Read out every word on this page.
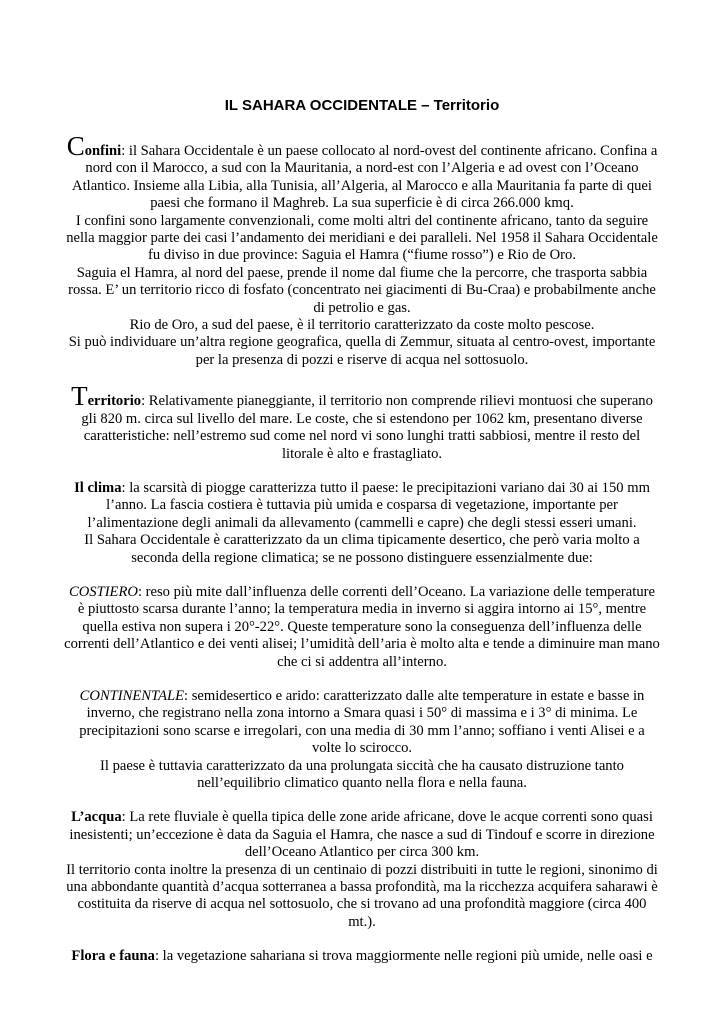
IL SAHARA OCCIDENTALE – Territorio

Confini: il Sahara Occidentale è un paese collocato al nord-ovest del continente africano. Confina a nord con il Marocco, a sud con la Mauritania, a nord-est con l’Algeria e ad ovest con l’Oceano Atlantico. Insieme alla Libia, alla Tunisia, all’Algeria, al Marocco e alla Mauritania fa parte di quei paesi che formano il Maghreb. La sua superficie è di circa 266.000 kmq.

I confini sono largamente convenzionali, come molti altri del continente africano, tanto da seguire nella maggior parte dei casi l’andamento dei meridiani e dei paralleli. Nel 1958 il Sahara Occidentale fu diviso in due province: Saguia el Hamra (“fiume rosso”) e Rio de Oro.

Saguia el Hamra, al nord del paese, prende il nome dal fiume che la percorre, che trasporta sabbia rossa. E’ un territorio ricco di fosfato (concentrato nei giacimenti di Bu-Craa) e probabilmente anche di petrolio e gas.

Rio de Oro, a sud del paese, è il territorio caratterizzato da coste molto pescose.

Si può individuare un’altra regione geografica, quella di Zemmur, situata al centro-ovest, importante per la presenza di pozzi e riserve di acqua nel sottosuolo.

Territorio: Relativamente pianeggiante, il territorio non comprende rilievi montuosi che superano gli 820 m. circa sul livello del mare. Le coste, che si estendono per 1062 km, presentano diverse caratteristiche: nell’estremo sud come nel nord vi sono lunghi tratti sabbiosi, mentre il resto del litorale è alto e frastagliato.

Il clima: la scarsità di piogge caratterizza tutto il paese: le precipitazioni variano dai 30 ai 150 mm l’anno. La fascia costiera è tuttavia più umida e cosparsa di vegetazione, importante per l’alimentazione degli animali da allevamento (cammelli e capre) che degli stessi esseri umani.

Il Sahara Occidentale è caratterizzato da un clima tipicamente desertico, che però varia molto a seconda della regione climatica; se ne possono distinguere essenzialmente due:

COSTIERO: reso più mite dall’influenza delle correnti dell’Oceano. La variazione delle temperature è piuttosto scarsa durante l’anno; la temperatura media in inverno si aggira intorno ai 15°, mentre quella estiva non supera i 20°-22°. Queste temperature sono la conseguenza dell’influenza delle correnti dell’Atlantico e dei venti alisei; l’umidità dell’aria è molto alta e tende a diminuire man mano che ci si addentra all’interno.

CONTINENTALE: semidesertico e arido: caratterizzato dalle alte temperature in estate e basse in inverno, che registrano nella zona intorno a Smara quasi i 50° di massima e i 3° di minima. Le precipitazioni sono scarse e irregolari, con una media di 30 mm l’anno; soffiano i venti Alisei e a volte lo scirocco.

Il paese è tuttavia caratterizzato da una prolungata siccità che ha causato distruzione tanto nell’equilibrio climatico quanto nella flora e nella fauna.

L’acqua: La rete fluviale è quella tipica delle zone aride africane, dove le acque correnti sono quasi inesistenti; un’eccezione è data da Saguia el Hamra, che nasce a sud di Tindouf e scorre in direzione dell’Oceano Atlantico per circa 300 km.

Il territorio conta inoltre la presenza di un centinaio di pozzi distribuiti in tutte le regioni, sinonimo di una abbondante quantità d’acqua sotterranea a bassa profondità, ma la ricchezza acquifera saharawi è costituita da riserve di acqua nel sottosuolo, che si trovano ad una profondità maggiore (circa 400 mt.).

Flora e fauna: la vegetazione sahariana si trova maggiormente nelle regioni più umide, nelle oasi e
